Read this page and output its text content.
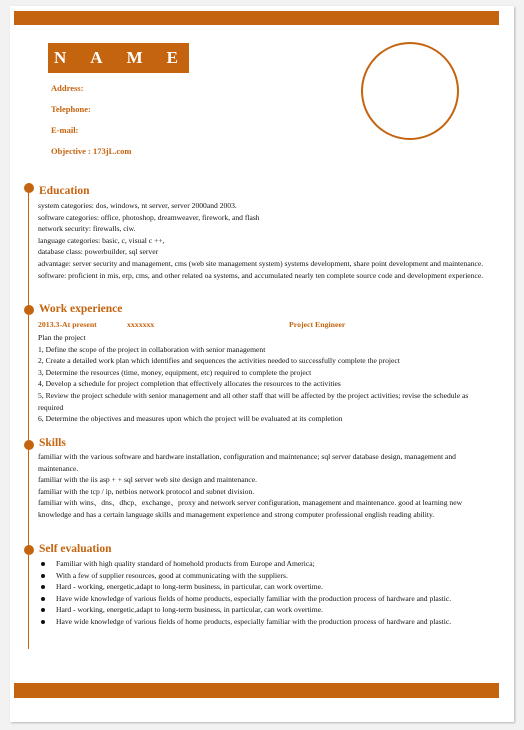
N A M E
Address:
Telephone:
E-mail:
Objective : 173jL.com
Education

system categories: dos, windows, nt server, server 2000and 2003.

software categories: office, photoshop, dreamweaver, firework, and flash

network security: firewalls, ciw.

language categories: basic, c, visual c ++,

database class: powerbuilder, sql server

advantage: server security and management, cms (web site management system) systems development, share point development and maintenance. software: proficient in mis, erp, cms, and other related oa systems, and accumulated nearly ten complete source code and development experience.

Work experience
2013.3-At present	xxxxxxx	Project Engineer

Plan the project

1, Define the scope of the project in collaboration with senior management

2, Create a detailed work plan which identifies and sequences the activities needed to successfully complete the project

3, Determine the resources (time, money, equipment, etc) required to complete the project

4, Develop a schedule for project completion that effectively allocates the resources to the activities

5, Review the project schedule with senior management and all other staff that will be affected by the project activities; revise the schedule as required

6, Determine the objectives and measures upon which the project will be evaluated at its completion

Skills

familiar with the various software and hardware installation, configuration and maintenance; sql server database design, management and maintenance.

familiar with the iis asp + + sql server web site design and maintenance.

familiar with the tcp / ip, netbios network protocol and subnet division.

familiar with wins、dns、dhcp、exchange、proxy and network server configuration, management and maintenance. good at learning new knowledge and has a certain language skills and management experience and strong computer professional english reading ability.

Self evaluation
Familiar with high quality standard of homehold products from Europe and America;
With a few of supplier resources, good at communicating with the suppliers.
Hard - working, energetic,adapt to long-term business, in particular, can work overtime.
Have wide knowledge of various fields of home products, especially familiar with the production process of hardware and plastic.
Hard - working, energetic,adapt to long-term business, in particular, can work overtime.
Have wide knowledge of various fields of home products, especially familiar with the production process of hardware and plastic.
